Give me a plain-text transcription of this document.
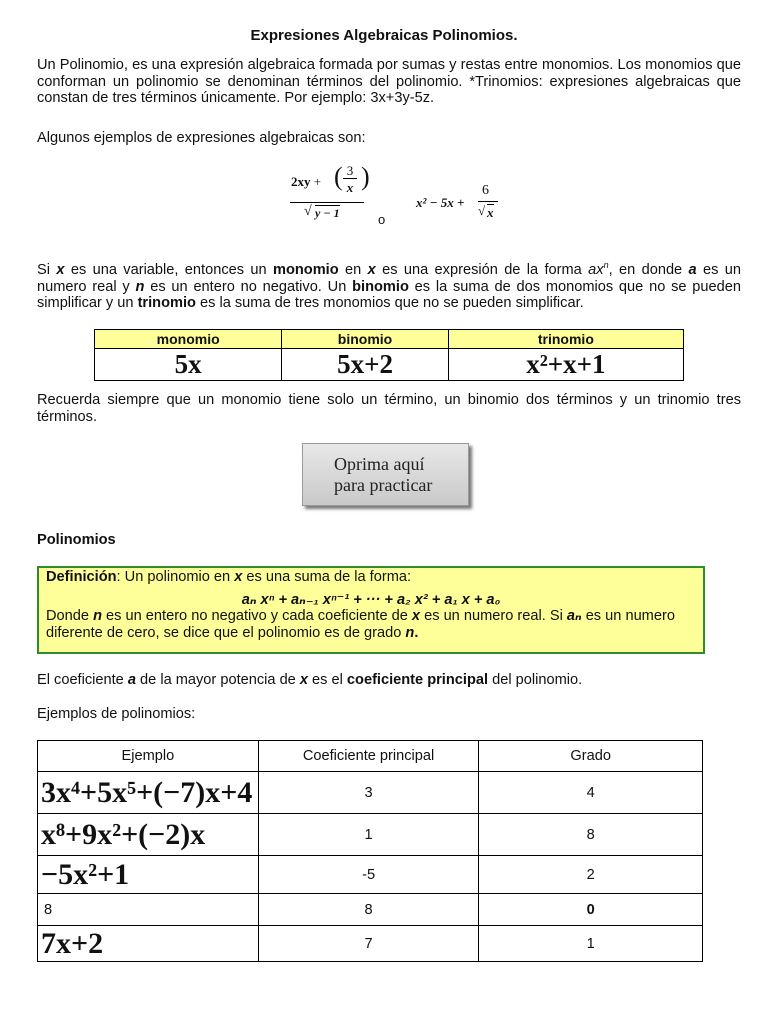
Expresiones Algebraicas Polinomios.
Un Polinomio, es una expresión algebraica formada por sumas y restas entre monomios. Los monomios que conforman un polinomio se denominan términos del polinomio. *Trinomios: expresiones algebraicas que constan de tres términos únicamente. Por ejemplo: 3x+3y-5z.
Algunos ejemplos de expresiones algebraicas son:
2xy + ( )
3
x
√ y − 1	o
x² − 5x +
6
√ x
Si x es una variable, entonces un monomio en x es una expresión de la forma $ax^n$, en donde a es un numero real y n es un entero no negativo. Un binomio es la suma de dos monomios que no se pueden simplificar y un trinomio es la suma de tres monomios que no se pueden simplificar.
monomio	binomio	trinomio
5x	5x+2	x²+x+1
Recuerda siempre que un monomio tiene solo un término, un binomio dos términos y un trinomio tres términos.
Oprima aquí
para practicar
Polinomios
Definición: Un polinomio en x es una suma de la forma:
aₙ xⁿ + aₙ₋₁ xⁿ⁻¹ + ··· + a₂ x² + a₁ x + a₀
Donde n es un entero no negativo y cada coeficiente de x es un numero real. Si aₙ es un numero diferente de cero, se dice que el polinomio es de grado n.
El coeficiente a de la mayor potencia de x es el coeficiente principal del polinomio.
Ejemplos de polinomios:
Ejemplo	Coeficiente principal	Grado
3x⁴+5x⁵+(−7)x+4	3	4
x⁸+9x²+(−2)x	1	8
−5x²+1	-5	2
8	8	0
7x+2	7	1
